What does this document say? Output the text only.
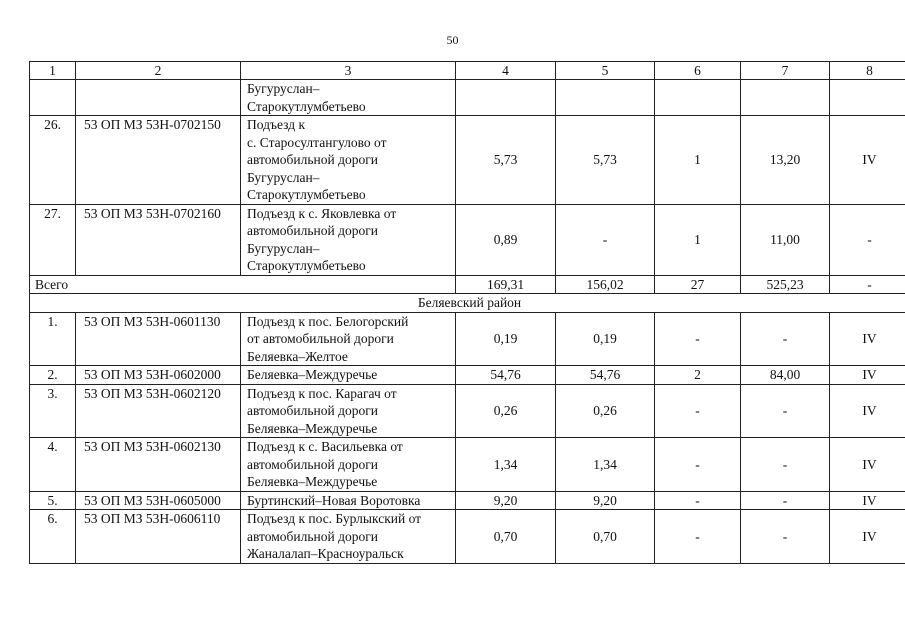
50
1	2	3	4	5	6	7	8

		Бугуруслан–
Старокутлумбетьево					

26.	53 ОП МЗ 53Н-0702150	Подъезд к
с. Старосултангулово от
автомобильной дороги
Бугуруслан–
Старокутлумбетьево	5,73	5,73	1	13,20	IV
27.	53 ОП МЗ 53Н-0702160	Подъезд к с. Яковлевка от
автомобильной дороги
Бугуруслан–
Старокутлумбетьево	0,89	-	1	11,00	-
Всего			169,31	156,02	27	525,23	-
Беляевский район							
1.	53 ОП МЗ 53Н-0601130	Подъезд к пос. Белогорский
от автомобильной дороги
Беляевка–Желтое	0,19	0,19	-	-	IV
2.	53 ОП МЗ 53Н-0602000	Беляевка–Междуречье	54,76	54,76	2	84,00	IV
3.	53 ОП МЗ 53Н-0602120	Подъезд к пос. Карагач от
автомобильной дороги
Беляевка–Междуречье	0,26	0,26	-	-	IV
4.	53 ОП МЗ 53Н-0602130	Подъезд к с. Васильевка от
автомобильной дороги
Беляевка–Междуречье	1,34	1,34	-	-	IV
5.	53 ОП МЗ 53Н-0605000	Буртинский–Новая Воротовка	9,20	9,20	-	-	IV
6.	53 ОП МЗ 53Н-0606110	Подъезд к пос. Бурлыкский от
автомобильной дороги
Жаналалап–Красноуральск	0,70	0,70	-	-	IV
